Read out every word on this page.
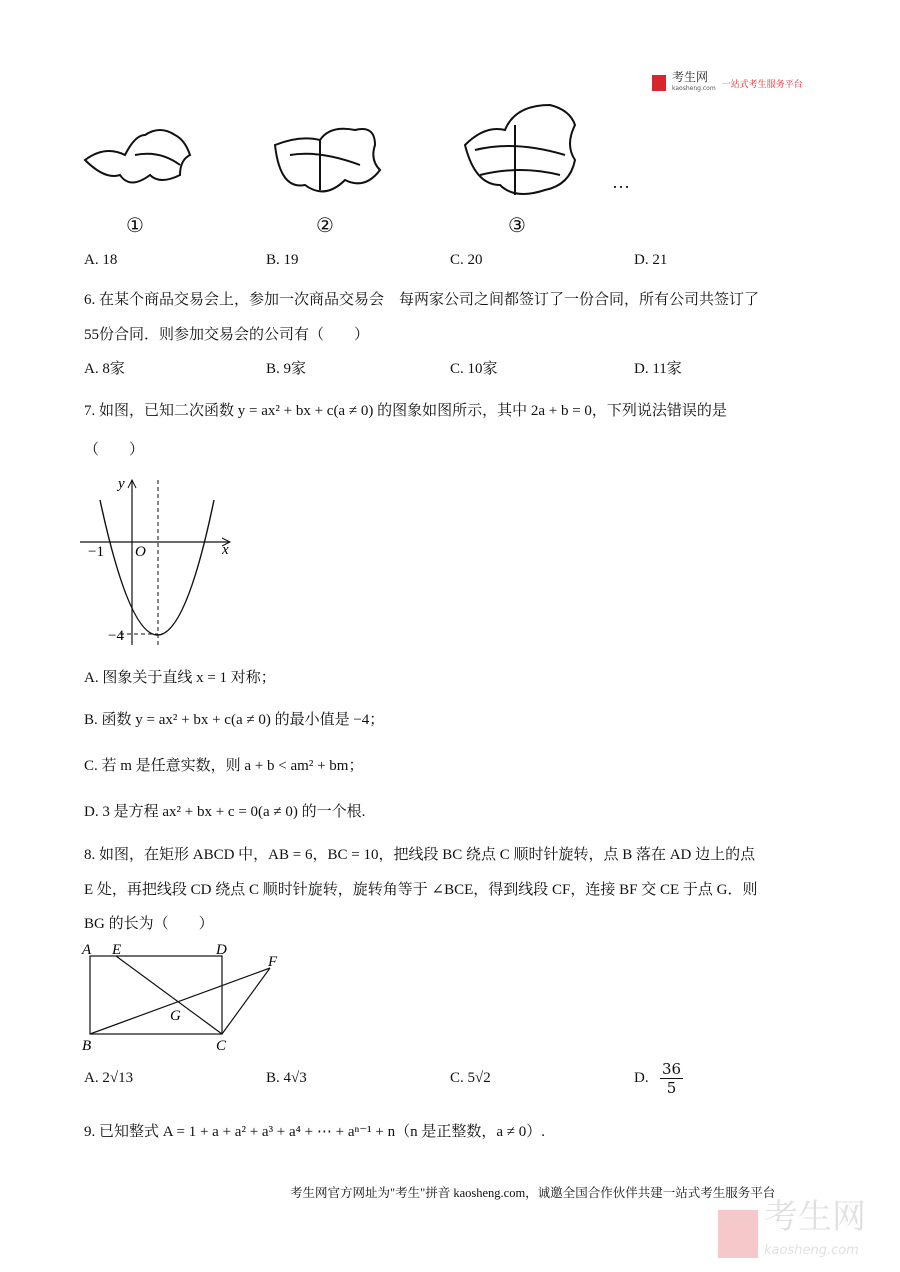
考生网
kaosheng.com 一站式考生服务平台
①	②	③
…
A. 18	B. 19	C. 20	D. 21
6. 在某个商品交易会上，参加一次商品交易会　每两家公司之间都签订了一份合同，所有公司共签订了
55份合同．则参加交易会的公司有（　　）
A. 8家	B. 9家	C. 10家	D. 11家
7. 如图，已知二次函数 y = ax² + bx + c(a ≠ 0) 的图象如图所示，其中 2a + b = 0，下列说法错误的是
（　　）
y
x
O
−1
−4
A. 图象关于直线 x = 1 对称；
B. 函数 y = ax² + bx + c(a ≠ 0) 的最小值是 −4；
C. 若 m 是任意实数，则 a + b < am² + bm；
D. 3 是方程 ax² + bx + c = 0(a ≠ 0) 的一个根.
8. 如图，在矩形 ABCD 中，AB = 6，BC = 10，把线段 BC 绕点 C 顺时针旋转，点 B 落在 AD 边上的点
E 处，再把线段 CD 绕点 C 顺时针旋转，旋转角等于 ∠BCE，得到线段 CF，连接 BF 交 CE 于点 G．则
BG 的长为（　　）
A E	D
F
G
B	C
A. 2√13	B. 4√3	C. 5√2	D. $\frac{36}{5}$
9. 已知整式 A = 1 + a + a² + a³ + a⁴ + ⋯ + aⁿ⁻¹ + n（n 是正整数，a ≠ 0）.
考生网官方网址为"考生"拼音 kaosheng.com，诚邀全国合作伙伴共建一站式考生服务平台
考生网
kaosheng.com
